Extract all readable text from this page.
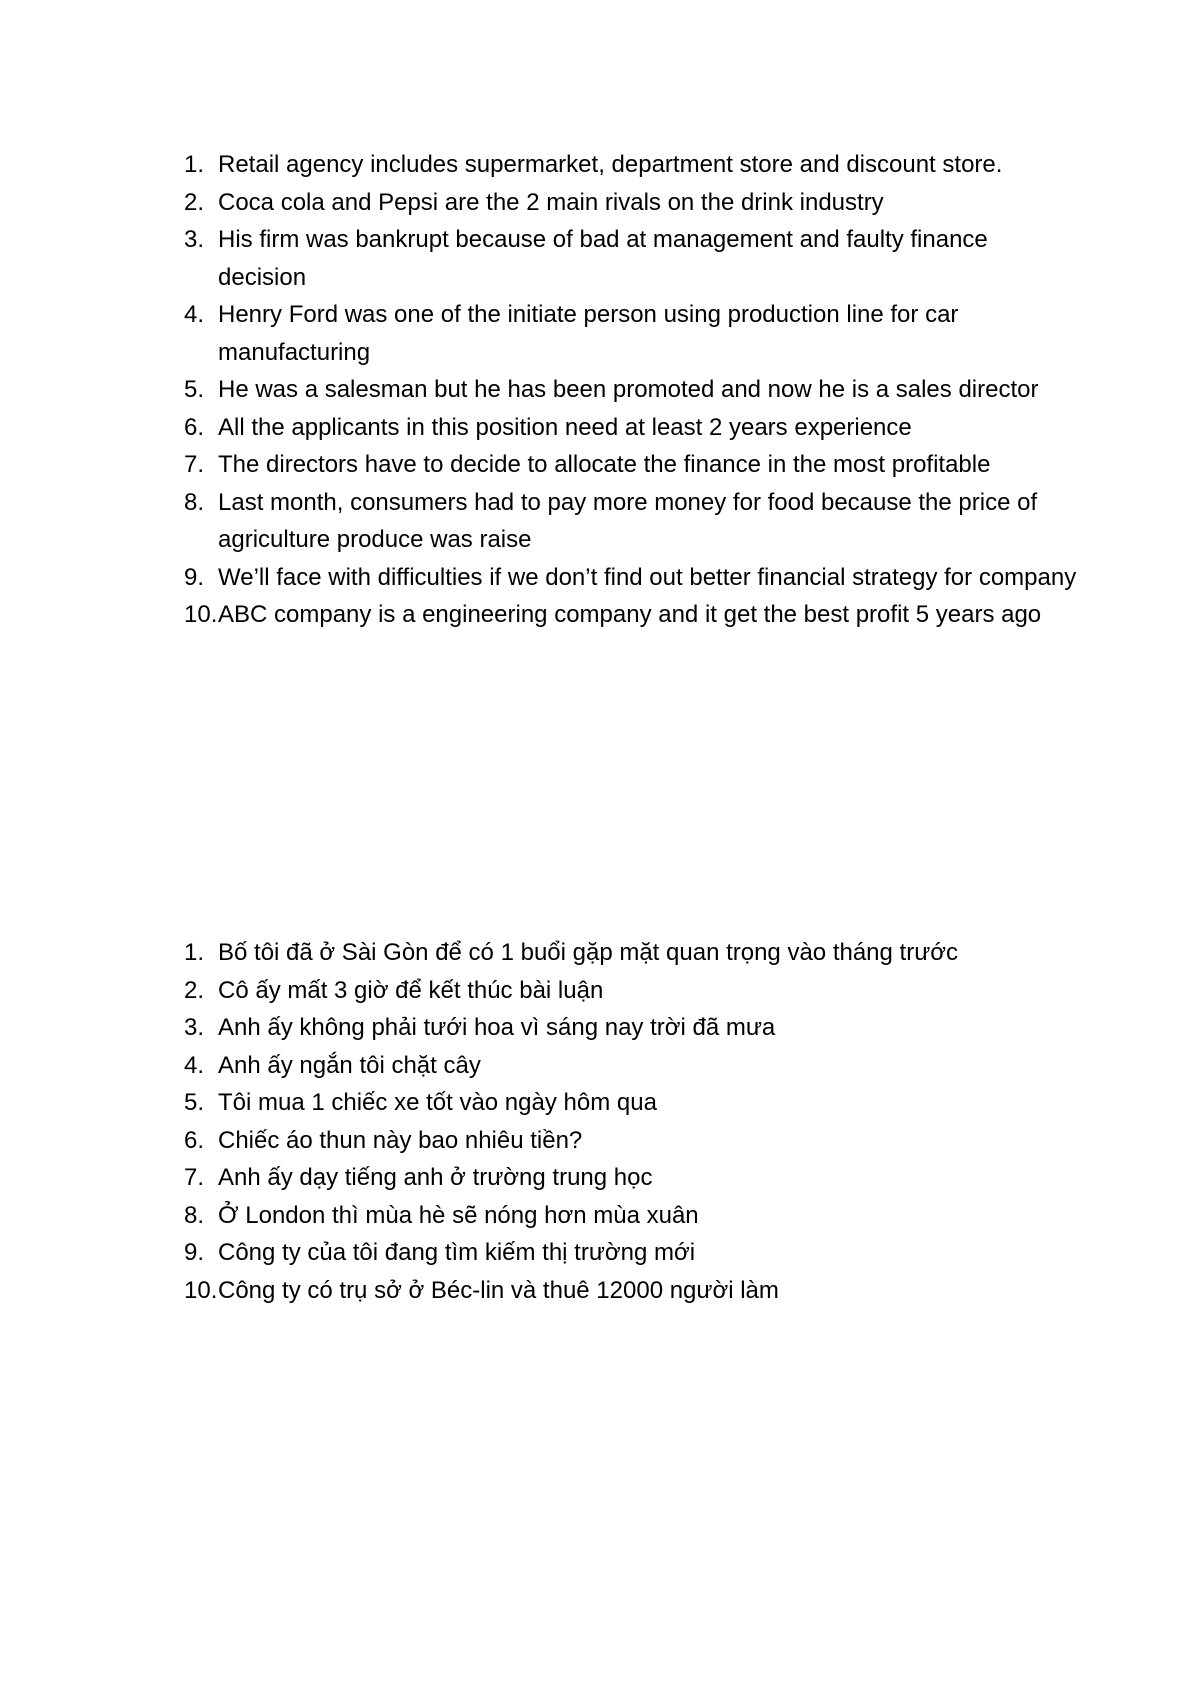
1. Retail agency includes supermarket, department store and discount store.
2. Coca cola and Pepsi are the 2 main rivals on the drink industry
3. His firm was bankrupt because of bad at management and faulty finance decision
4. Henry Ford was one of the initiate person using production line for car manufacturing
5. He was a salesman but he has been promoted and now he is a sales director
6. All the applicants in this position need at least 2 years experience
7. The directors have to decide to allocate the finance in the most profitable
8. Last month, consumers had to pay more money for food because the price of agriculture produce was raise
9. We’ll face with difficulties if we don’t find out better financial strategy for company
10. ABC company is a engineering company and it get the best profit 5 years ago
1. Bố tôi đã ở Sài Gòn để có 1 buổi gặp mặt quan trọng vào tháng trước
2. Cô ấy mất 3 giờ để kết thúc bài luận
3. Anh ấy không phải tưới hoa vì sáng nay trời đã mưa
4. Anh ấy ngắn tôi chặt cây
5. Tôi mua 1 chiếc xe tốt vào ngày hôm qua
6. Chiếc áo thun này bao nhiêu tiền?
7. Anh ấy dạy tiếng anh ở trường trung học
8. Ở London thì mùa hè sẽ nóng hơn mùa xuân
9. Công ty của tôi đang tìm kiếm thị trường mới
10. Công ty có trụ sở ở Béc-lin và thuê 12000 người làm
